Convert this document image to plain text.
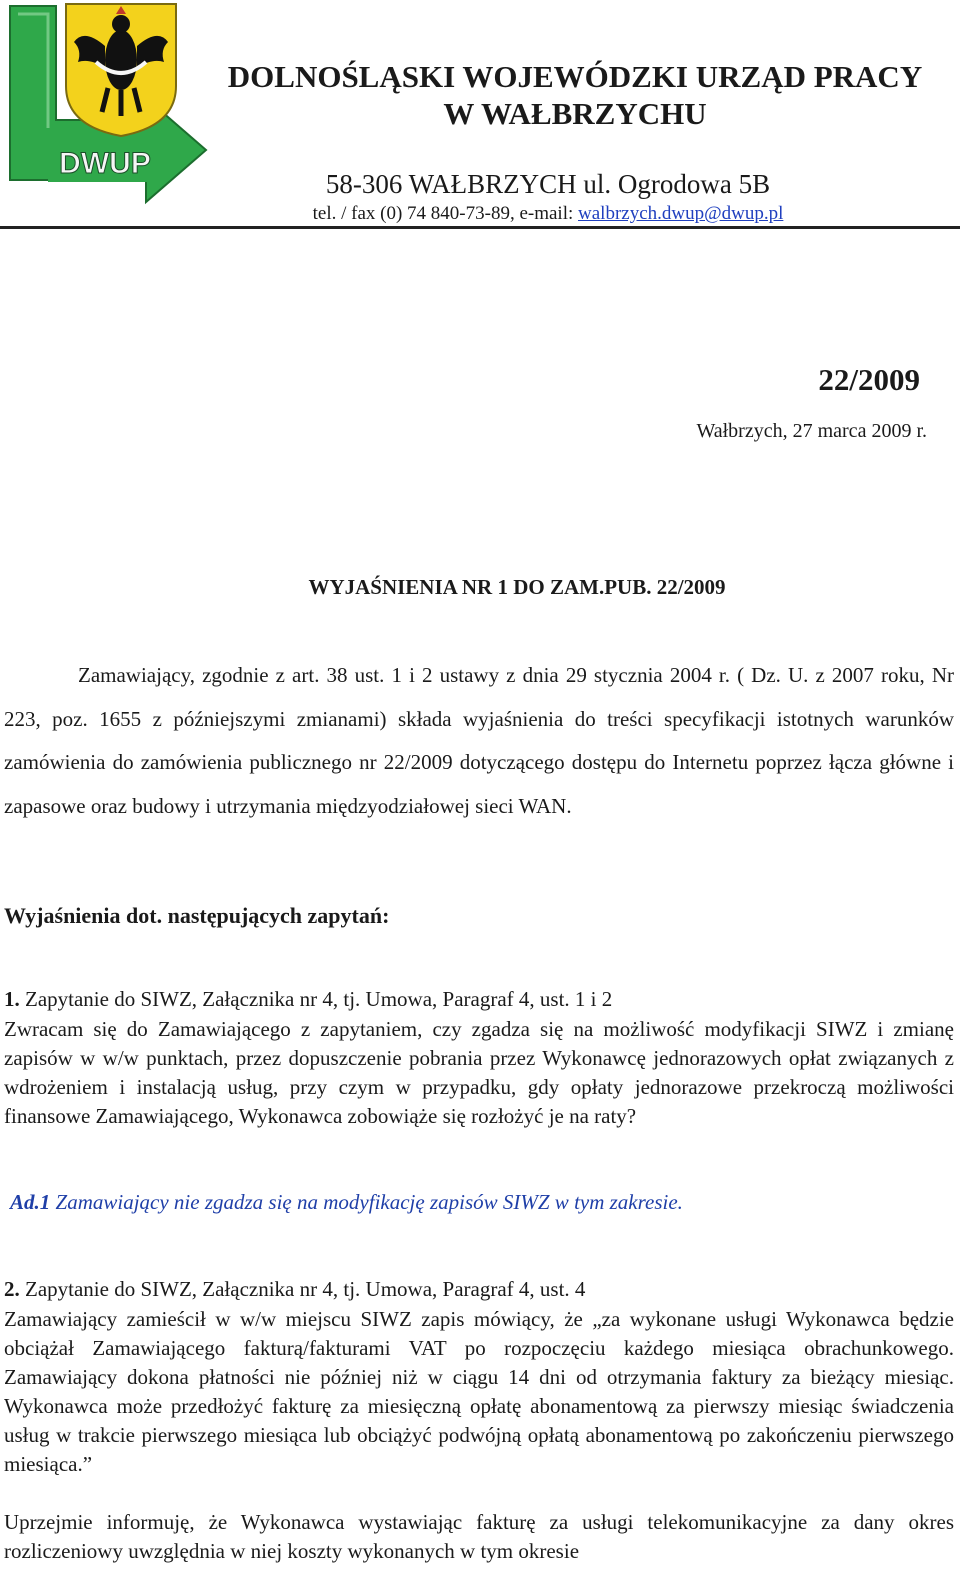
DWUP
DOLNOŚLĄSKI WOJEWÓDZKI URZĄD PRACY
W WAŁBRZYCHU
58-306 WAŁBRZYCH ul. Ogrodowa 5B
tel. / fax (0) 74 840-73-89, e-mail: walbrzych.dwup@dwup.pl
22/2009
Wałbrzych, 27 marca 2009 r.
WYJAŚNIENIA NR 1 DO ZAM.PUB. 22/2009

Zamawiający, zgodnie z art. 38 ust. 1 i 2 ustawy z dnia 29 stycznia 2004 r. ( Dz. U. z 2007 roku, Nr 223, poz. 1655 z późniejszymi zmianami) składa wyjaśnienia do treści specyfikacji istotnych warunków zamówienia do zamówienia publicznego nr 22/2009 dotyczącego dostępu do Internetu poprzez łącza główne i zapasowe oraz budowy i utrzymania międzyodziałowej sieci WAN.

Wyjaśnienia dot. następujących zapytań:
1. Zapytanie do SIWZ, Załącznika nr 4, tj. Umowa, Paragraf 4, ust. 1 i 2

Zwracam się do Zamawiającego z zapytaniem, czy zgadza się na możliwość modyfikacji SIWZ i zmianę zapisów w w/w punktach, przez dopuszczenie pobrania przez Wykonawcę jednorazowych opłat związanych z wdrożeniem i instalacją usług, przy czym w przypadku, gdy opłaty jednorazowe przekroczą możliwości finansowe Zamawiającego, Wykonawca zobowiąże się rozłożyć je na raty?

Ad.1 Zamawiający nie zgadza się na modyfikację zapisów SIWZ w tym zakresie.
2. Zapytanie do SIWZ, Załącznika nr 4, tj. Umowa, Paragraf 4, ust. 4

Zamawiający zamieścił w w/w miejscu SIWZ zapis mówiący, że „za wykonane usługi Wykonawca będzie obciążał Zamawiającego fakturą/fakturami VAT po rozpoczęciu każdego miesiąca obrachunkowego. Zamawiający dokona płatności nie później niż w ciągu 14 dni od otrzymania faktury za bieżący miesiąc. Wykonawca może przedłożyć fakturę za miesięczną opłatę abonamentową za pierwszy miesiąc świadczenia usług w trakcie pierwszego miesiąca lub obciążyć podwójną opłatą abonamentową po zakończeniu pierwszego miesiąca.”

Uprzejmie informuję, że Wykonawca wystawiając fakturę za usługi telekomunikacyjne za dany okres rozliczeniowy uwzględnia w niej koszty wykonanych w tym okresie
